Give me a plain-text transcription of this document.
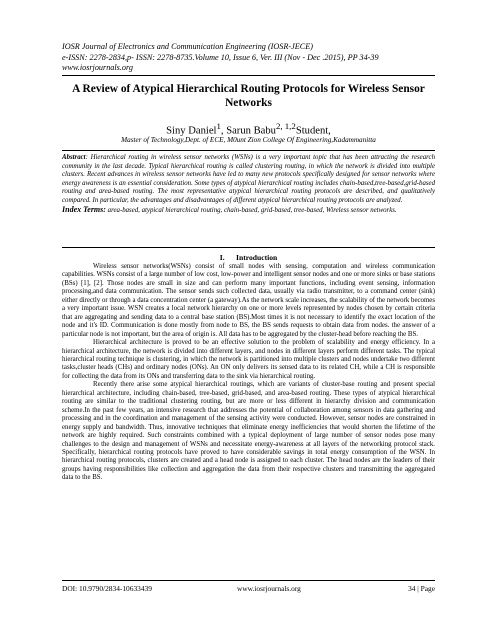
IOSR Journal of Electronics and Communication Engineering (IOSR-JECE)
e-ISSN: 2278-2834,p- ISSN: 2278-8735.Volume 10, Issue 6, Ver. III (Nov - Dec .2015), PP 34-39
www.iosrjournals.org
A Review of Atypical Hierarchical Routing Protocols for Wireless Sensor Networks
Siny Daniel$^1$, Sarun Babu$^{2, 1,2}$Student,
Master of Technology,Dept. of ECE, M0unt Zion College Of Engineering,Kadammanitta

Abstract: Hierarchical routing in wireless sensor networks (WSNs) is a very important topic that has been attracting the research community in the last decade. Typical hierarchical routing is called clustering routing, in which the network is divided into multiple clusters. Recent advances in wireless sensor networks have led to many new protocols specifically designed for sensor networks where energy awareness is an essential consideration. Some types of atypical hierarchical routing includes chain-based,tree-based,grid-based routing and area-based routing. The most representative atypical hierarchical routing protocols are described, and qualitatively compared. In particular, the advantages and disadvantages of different atypical hierarchical routing protocols are analyzed.

Index Terms: area-based, atypical hierarchical routing, chain-based, grid-based, tree-based, Wireless sensor networks.

I. Introduction

Wireless sensor networks(WSNs) consist of small nodes with sensing, computation and wireless communication capabilities. WSNs consist of a large number of low cost, low-power and intelligent sensor nodes and one or more sinks or base stations (BSs) [1], [2]. Those nodes are small in size and can perform many important functions, including event sensing, information processing,and data communication. The sensor sends such collected data, usually via radio transmitter, to a command center (sink) either directly or through a data concentration center (a gateway).As the network scale increases, the scalability of the network becomes a very important issue. WSN creates a local network hierarchy on one or more levels represented by nodes chosen by certain criteria that are aggregating and sending data to a central base station (BS).Most times it is not necessary to identify the exact location of the node and it's ID. Communication is done mostly from node to BS, the BS sends requests to obtain data from nodes. the answer of a particular node is not important, but the area of origin is. All data has to be aggregated by the cluster-head before reaching the BS.

Hierarchical architecture is proved to be an effective solution to the problem of scalability and energy efficiency. In a hierarchical architecture, the network is divided into different layers, and nodes in different layers perform different tasks. The typical hierarchical routing technique is clustering, in which the network is partitioned into multiple clusters and nodes undertake two different tasks,cluster heads (CHs) and ordinary nodes (ONs). An ON only delivers its sensed data to its related CH, while a CH is responsible for collecting the data from its ONs and transferring data to the sink via hierarchical routing.

Recently there arise some atypical hierarchical routings, which are variants of cluster-base routing and present special hierarchical architecture, including chain-based, tree-based, grid-based, and area-based routing. These types of atypical hierarchical routing are similar to the traditional clustering routing, but are more or less different in hierarchy division and communication scheme.In the past few years, an intensive research that addresses the potential of collaboration among sensors in data gathering and processing and in the coordination and management of the sensing activity were conducted. However, sensor nodes are constrained in energy supply and bandwidth. Thus, innovative techniques that eliminate energy inefficiencies that would shorten the lifetime of the network are highly required. Such constraints combined with a typical deployment of large number of sensor nodes pose many challenges to the design and management of WSNs and necessitate energy-awareness at all layers of the networking protocol stack. Specifically, hierarchical routing protocols have proved to have considerable savings in total energy consumption of the WSN. In hierarchical routing protocols, clusters are created and a head node is assigned to each cluster. The head nodes are the leaders of their groups having responsibilities like collection and aggregation the data from their respective clusters and transmitting the aggregated data to the BS.

DOI: 10.9790/2834-10633439	www.iosrjournals.org	34 | Page
